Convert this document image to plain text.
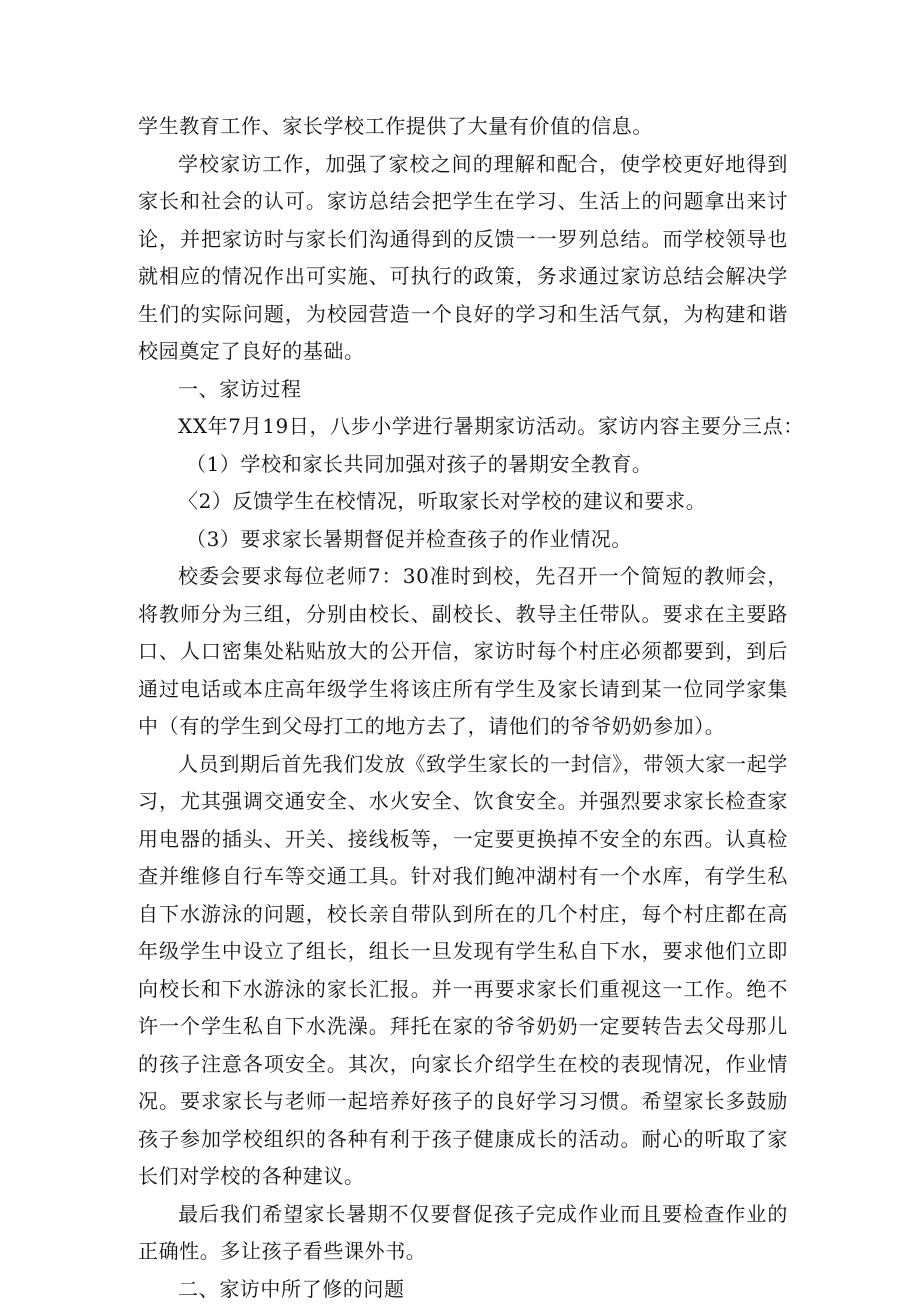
学生教育工作、家长学校工作提供了大量有价值的信息。

学校家访工作，加强了家校之间的理解和配合，使学校更好地得到家长和社会的认可。家访总结会把学生在学习、生活上的问题拿出来讨论，并把家访时与家长们沟通得到的反馈一一罗列总结。而学校领导也就相应的情况作出可实施、可执行的政策，务求通过家访总结会解决学生们的实际问题，为校园营造一个良好的学习和生活气氛，为构建和谐校园奠定了良好的基础。

一、家访过程

XX年7月19日，八步小学进行暑期家访活动。家访内容主要分三点：

（1）学校和家长共同加强对孩子的暑期安全教育。

〈2）反馈学生在校情况，听取家长对学校的建议和要求。

（3）要求家长暑期督促并检查孩子的作业情况。

校委会要求每位老师7：30准时到校，先召开一个简短的教师会，将教师分为三组，分别由校长、副校长、教导主任带队。要求在主要路口、人口密集处粘贴放大的公开信，家访时每个村庄必须都要到，到后通过电话或本庄高年级学生将该庄所有学生及家长请到某一位同学家集中（有的学生到父母打工的地方去了，请他们的爷爷奶奶参加）。

人员到期后首先我们发放《致学生家长的一封信》，带领大家一起学习，尤其强调交通安全、水火安全、饮食安全。并强烈要求家长检查家用电器的插头、开关、接线板等，一定要更换掉不安全的东西。认真检查并维修自行车等交通工具。针对我们鲍冲湖村有一个水库，有学生私自下水游泳的问题，校长亲自带队到所在的几个村庄，每个村庄都在高年级学生中设立了组长，组长一旦发现有学生私自下水，要求他们立即向校长和下水游泳的家长汇报。并一再要求家长们重视这一工作。绝不许一个学生私自下水洗澡。拜托在家的爷爷奶奶一定要转告去父母那儿的孩子注意各项安全。其次，向家长介绍学生在校的表现情况，作业情况。要求家长与老师一起培养好孩子的良好学习习惯。希望家长多鼓励孩子参加学校组织的各种有利于孩子健康成长的活动。耐心的听取了家长们对学校的各种建议。

最后我们希望家长暑期不仅要督促孩子完成作业而且要检查作业的正确性。多让孩子看些课外书。

二、家访中所了修的问题
